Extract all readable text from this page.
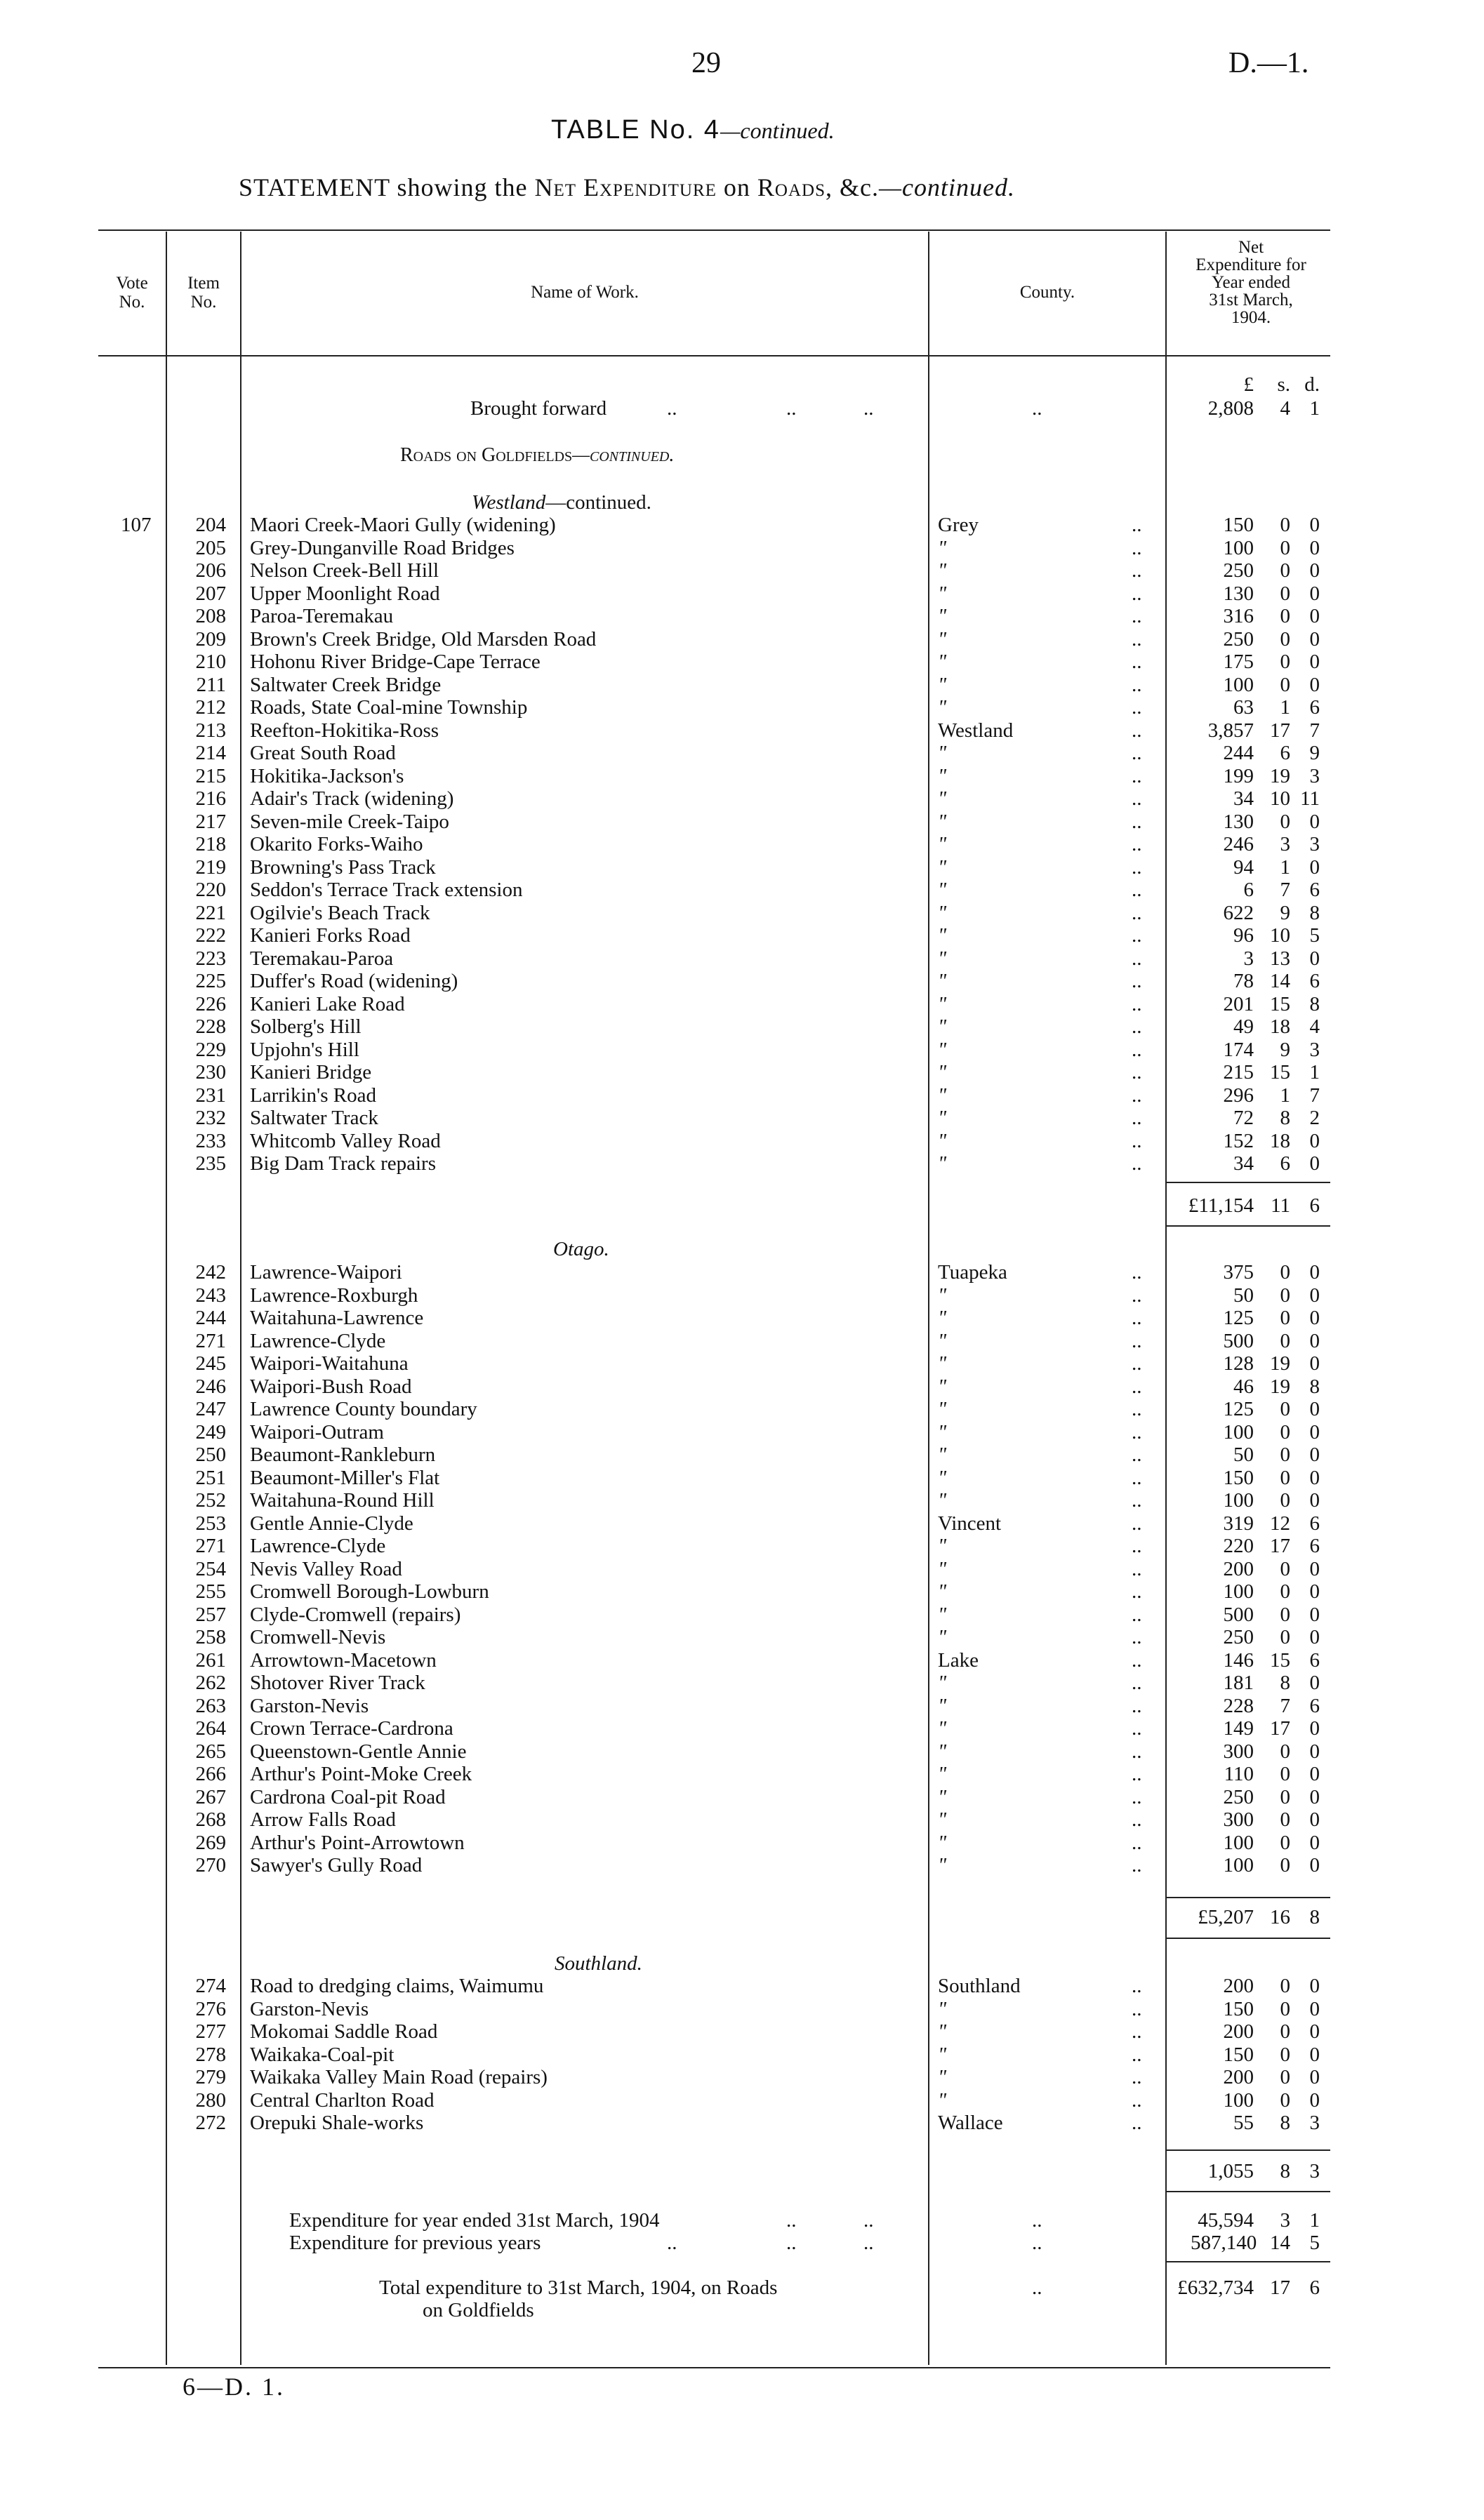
29	D.—1.
TABLE No. 4—continued.
STATEMENT showing the Net Expenditure on Roads, &c.—continued.
Vote
No.
Item
No.
Name of Work.	County.
Net
Expenditure for
Year ended
31st March,
1904.
£	s. d.
Brought forward	..	..	..	..	2,808	4 1
Roads on Goldfields—continued.
Westland—continued.
107	204 Maori Creek-Maori Gully (widening)	Grey	..	150	0 0
205 Grey-Dunganville Road Bridges	"	..	100	0 0
206 Nelson Creek-Bell Hill	"	..	250	0 0
207 Upper Moonlight Road	"	..	130	0 0
208 Paroa-Teremakau	"	..	316	0 0
209 Brown's Creek Bridge, Old Marsden Road	"	..	250	0 0
210 Hohonu River Bridge-Cape Terrace	"	..	175	0 0
211 Saltwater Creek Bridge	"	..	100	0 0
212 Roads, State Coal-mine Township	"	..	63	1 6
213 Reefton-Hokitika-Ross	Westland	..	3,857 17 7
214 Great South Road	"	..	244	6 9
215 Hokitika-Jackson's	"	..	199 19 3
216 Adair's Track (widening)	"	..	34 10 11
217 Seven-mile Creek-Taipo	"	..	130	0 0
218 Okarito Forks-Waiho	"	..	246	3 3
219 Browning's Pass Track	"	..	94	1 0
220 Seddon's Terrace Track extension	"	..	6	7 6
221 Ogilvie's Beach Track	"	..	622	9 8
222 Kanieri Forks Road	"	..	96 10 5
223 Teremakau-Paroa	"	..	3 13 0
225 Duffer's Road (widening)	"	..	78 14 6
226 Kanieri Lake Road	"	..	201 15 8
228 Solberg's Hill	"	..	49 18 4
229 Upjohn's Hill	"	..	174	9 3
230 Kanieri Bridge	"	..	215 15 1
231 Larrikin's Road	"	..	296	1 7
232 Saltwater Track	"	..	72	8 2
233 Whitcomb Valley Road	"	..	152 18 0
235 Big Dam Track repairs	"	..	34	6 0
£11,154 11 6
Otago.
242 Lawrence-Waipori	Tuapeka	..	375	0 0
243 Lawrence-Roxburgh	"	..	50	0 0
244 Waitahuna-Lawrence	"	..	125	0 0
271 Lawrence-Clyde	"	..	500	0 0
245 Waipori-Waitahuna	"	..	128 19 0
246 Waipori-Bush Road	"	..	46 19 8
247 Lawrence County boundary	"	..	125	0 0
249 Waipori-Outram	"	..	100	0 0
250 Beaumont-Rankleburn	"	..	50	0 0
251 Beaumont-Miller's Flat	"	..	150	0 0
252 Waitahuna-Round Hill	"	..	100	0 0
253 Gentle Annie-Clyde	Vincent	..	319 12 6
271 Lawrence-Clyde	"	..	220 17 6
254 Nevis Valley Road	"	..	200	0 0
255 Cromwell Borough-Lowburn	"	..	100	0 0
257 Clyde-Cromwell (repairs)	"	..	500	0 0
258 Cromwell-Nevis	"	..	250	0 0
261 Arrowtown-Macetown	Lake	..	146 15 6
262 Shotover River Track	"	..	181	8 0
263 Garston-Nevis	"	..	228	7 6
264 Crown Terrace-Cardrona	"	..	149 17 0
265 Queenstown-Gentle Annie	"	..	300	0 0
266 Arthur's Point-Moke Creek	"	..	110	0 0
267 Cardrona Coal-pit Road	"	..	250	0 0
268 Arrow Falls Road	"	..	300	0 0
269 Arthur's Point-Arrowtown	"	..	100	0 0
270 Sawyer's Gully Road	"	..	100	0 0
£5,207 16 8
Southland.
274 Road to dredging claims, Waimumu	Southland	..	200	0 0
276 Garston-Nevis	"	..	150	0 0
277 Mokomai Saddle Road	"	..	200	0 0
278 Waikaka-Coal-pit	"	..	150	0 0
279 Waikaka Valley Main Road (repairs)	"	..	200	0 0
280 Central Charlton Road	"	..	100	0 0
272 Orepuki Shale-works	Wallace	..	55	8 3
1,055	8 3
Expenditure for year ended 31st March, 1904	..	..	..	45,594	3 1
Expenditure for previous years	..	..	..	..	587,140 14 5
Total expenditure to 31st March, 1904, on Roads	..	£632,734 17 6
on Goldfields
6—D. 1.
